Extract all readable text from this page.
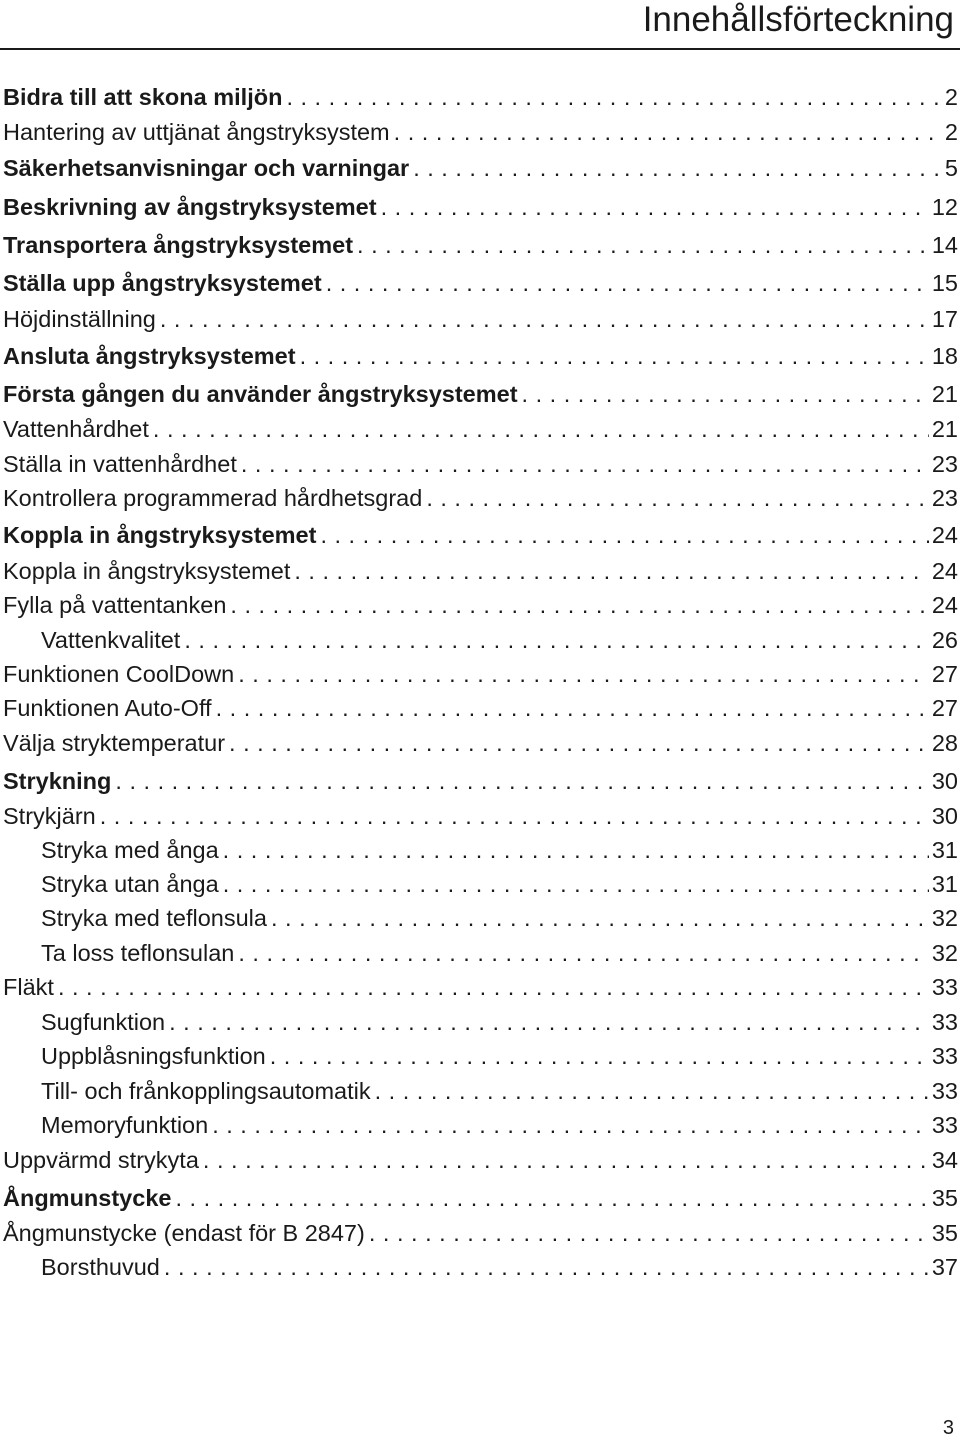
Innehållsförteckning
Bidra till att skona miljön . . .	2
Hantering av uttjänat ångstryksystem . . .	2
Säkerhetsanvisningar och varningar . . .	5
Beskrivning av ångstryksystemet . . .	12
Transportera ångstryksystemet . . .	14
Ställa upp ångstryksystemet . . .	15
Höjdinställning . . .	17
Ansluta ångstryksystemet . . .	18
Första gången du använder ångstryksystemet . . .	21
Vattenhårdhet . . .	21
Ställa in vattenhårdhet . . .	23
Kontrollera programmerad hårdhetsgrad . . .	23
Koppla in ångstryksystemet . . .	24
Koppla in ångstryksystemet . . .	24
Fylla på vattentanken . . .	24
Vattenkvalitet . . .	26
Funktionen CoolDown . . .	27
Funktionen Auto-Off . . .	27
Välja stryktemperatur . . .	28
Strykning . . .	30
Strykjärn . . .	30
Stryka med ånga . . .	31
Stryka utan ånga . . .	31
Stryka med teflonsula . . .	32
Ta loss teflonsulan . . .	32
Fläkt . . .	33
Sugfunktion . . .	33
Uppblåsningsfunktion . . .	33
Till- och frånkopplingsautomatik . . .	33
Memoryfunktion . . .	33
Uppvärmd strykyta . . .	34
Ångmunstycke . . .	35
Ångmunstycke (endast för B 2847) . . .	35
Borsthuvud . . .	37
3
